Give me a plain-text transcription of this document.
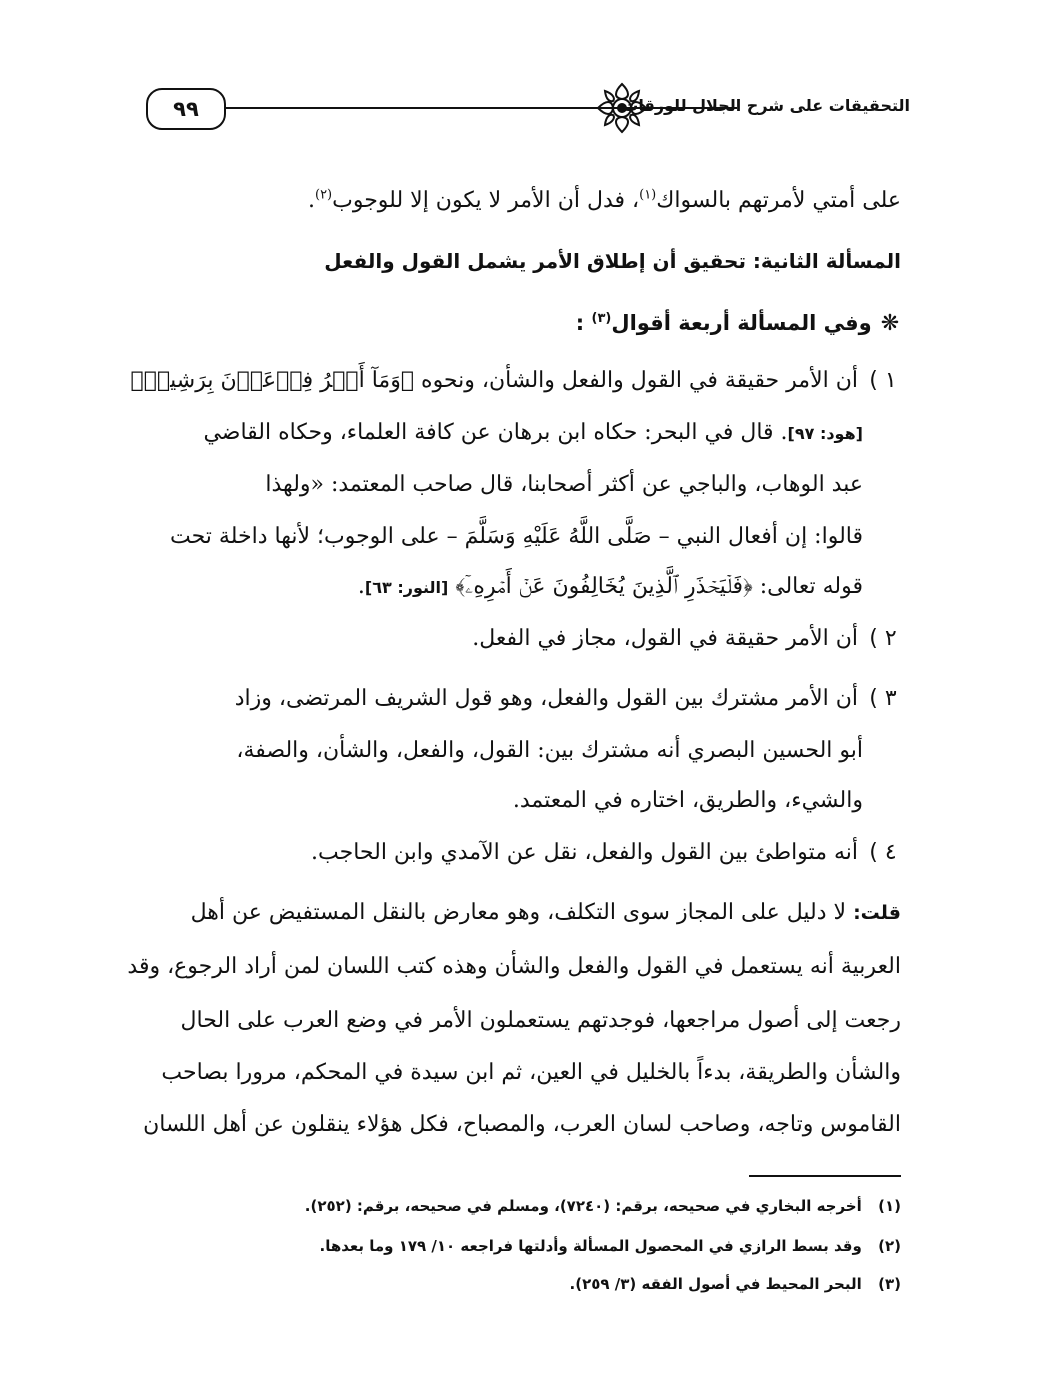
٩٩	التحقيقات على شرح الجلال للورقات
على أمتي لأمرتهم بالسواك$^{(١)}$، فدل أن الأمر لا يكون إلا للوجوب$^{(٢)}$.
المسألة الثانية: تحقيق أن إطلاق الأمر يشمل القول والفعل
❋ وفي المسألة أربعة أقوال$^{(٣)}$ :
١ ) أن الأمر حقيقة في القول والفعل والشأن، ونحوه ﴿وَمَآ أَمۡرُ فِرۡعَوۡنَ بِرَشِيدٖ﴾
[هود: ٩٧]. قال في البحر: حكاه ابن برهان عن كافة العلماء، وحكاه القاضي
عبد الوهاب، والباجي عن أكثر أصحابنا، قال صاحب المعتمد: «ولهذا
قالوا: إن أفعال النبي – صَلَّى اللَّهُ عَلَيْهِ وَسَلَّمَ – على الوجوب؛ لأنها داخلة تحت
قوله تعالى: ﴿فَلۡيَحۡذَرِ ٱلَّذِينَ يُخَالِفُونَ عَنۡ أَمۡرِهِۦٓ﴾ [النور: ٦٣].
٢ ) أن الأمر حقيقة في القول، مجاز في الفعل.
٣ ) أن الأمر مشترك بين القول والفعل، وهو قول الشريف المرتضى، وزاد
أبو الحسين البصري أنه مشترك بين: القول، والفعل، والشأن، والصفة،
والشيء، والطريق، اختاره في المعتمد.
٤ ) أنه متواطئ بين القول والفعل، نقل عن الآمدي وابن الحاجب.
قلت: لا دليل على المجاز سوى التكلف، وهو معارض بالنقل المستفيض عن أهل
العربية أنه يستعمل في القول والفعل والشأن وهذه كتب اللسان لمن أراد الرجوع، وقد
رجعت إلى أصول مراجعها، فوجدتهم يستعملون الأمر في وضع العرب على الحال
والشأن والطريقة، بدءاً بالخليل في العين، ثم ابن سيدة في المحكم، مرورا بصاحب
القاموس وتاجه، وصاحب لسان العرب، والمصباح، فكل هؤلاء ينقلون عن أهل اللسان
(١) أخرجه البخاري في صحيحه، برقم: (٧٢٤٠)، ومسلم في صحيحه، برقم: (٢٥٢).
(٢) وقد بسط الرازي في المحصول المسألة وأدلتها فراجعه ١٠/ ١٧٩ وما بعدها.
(٣) البحر المحيط في أصول الفقه (٣/ ٢٥٩).
